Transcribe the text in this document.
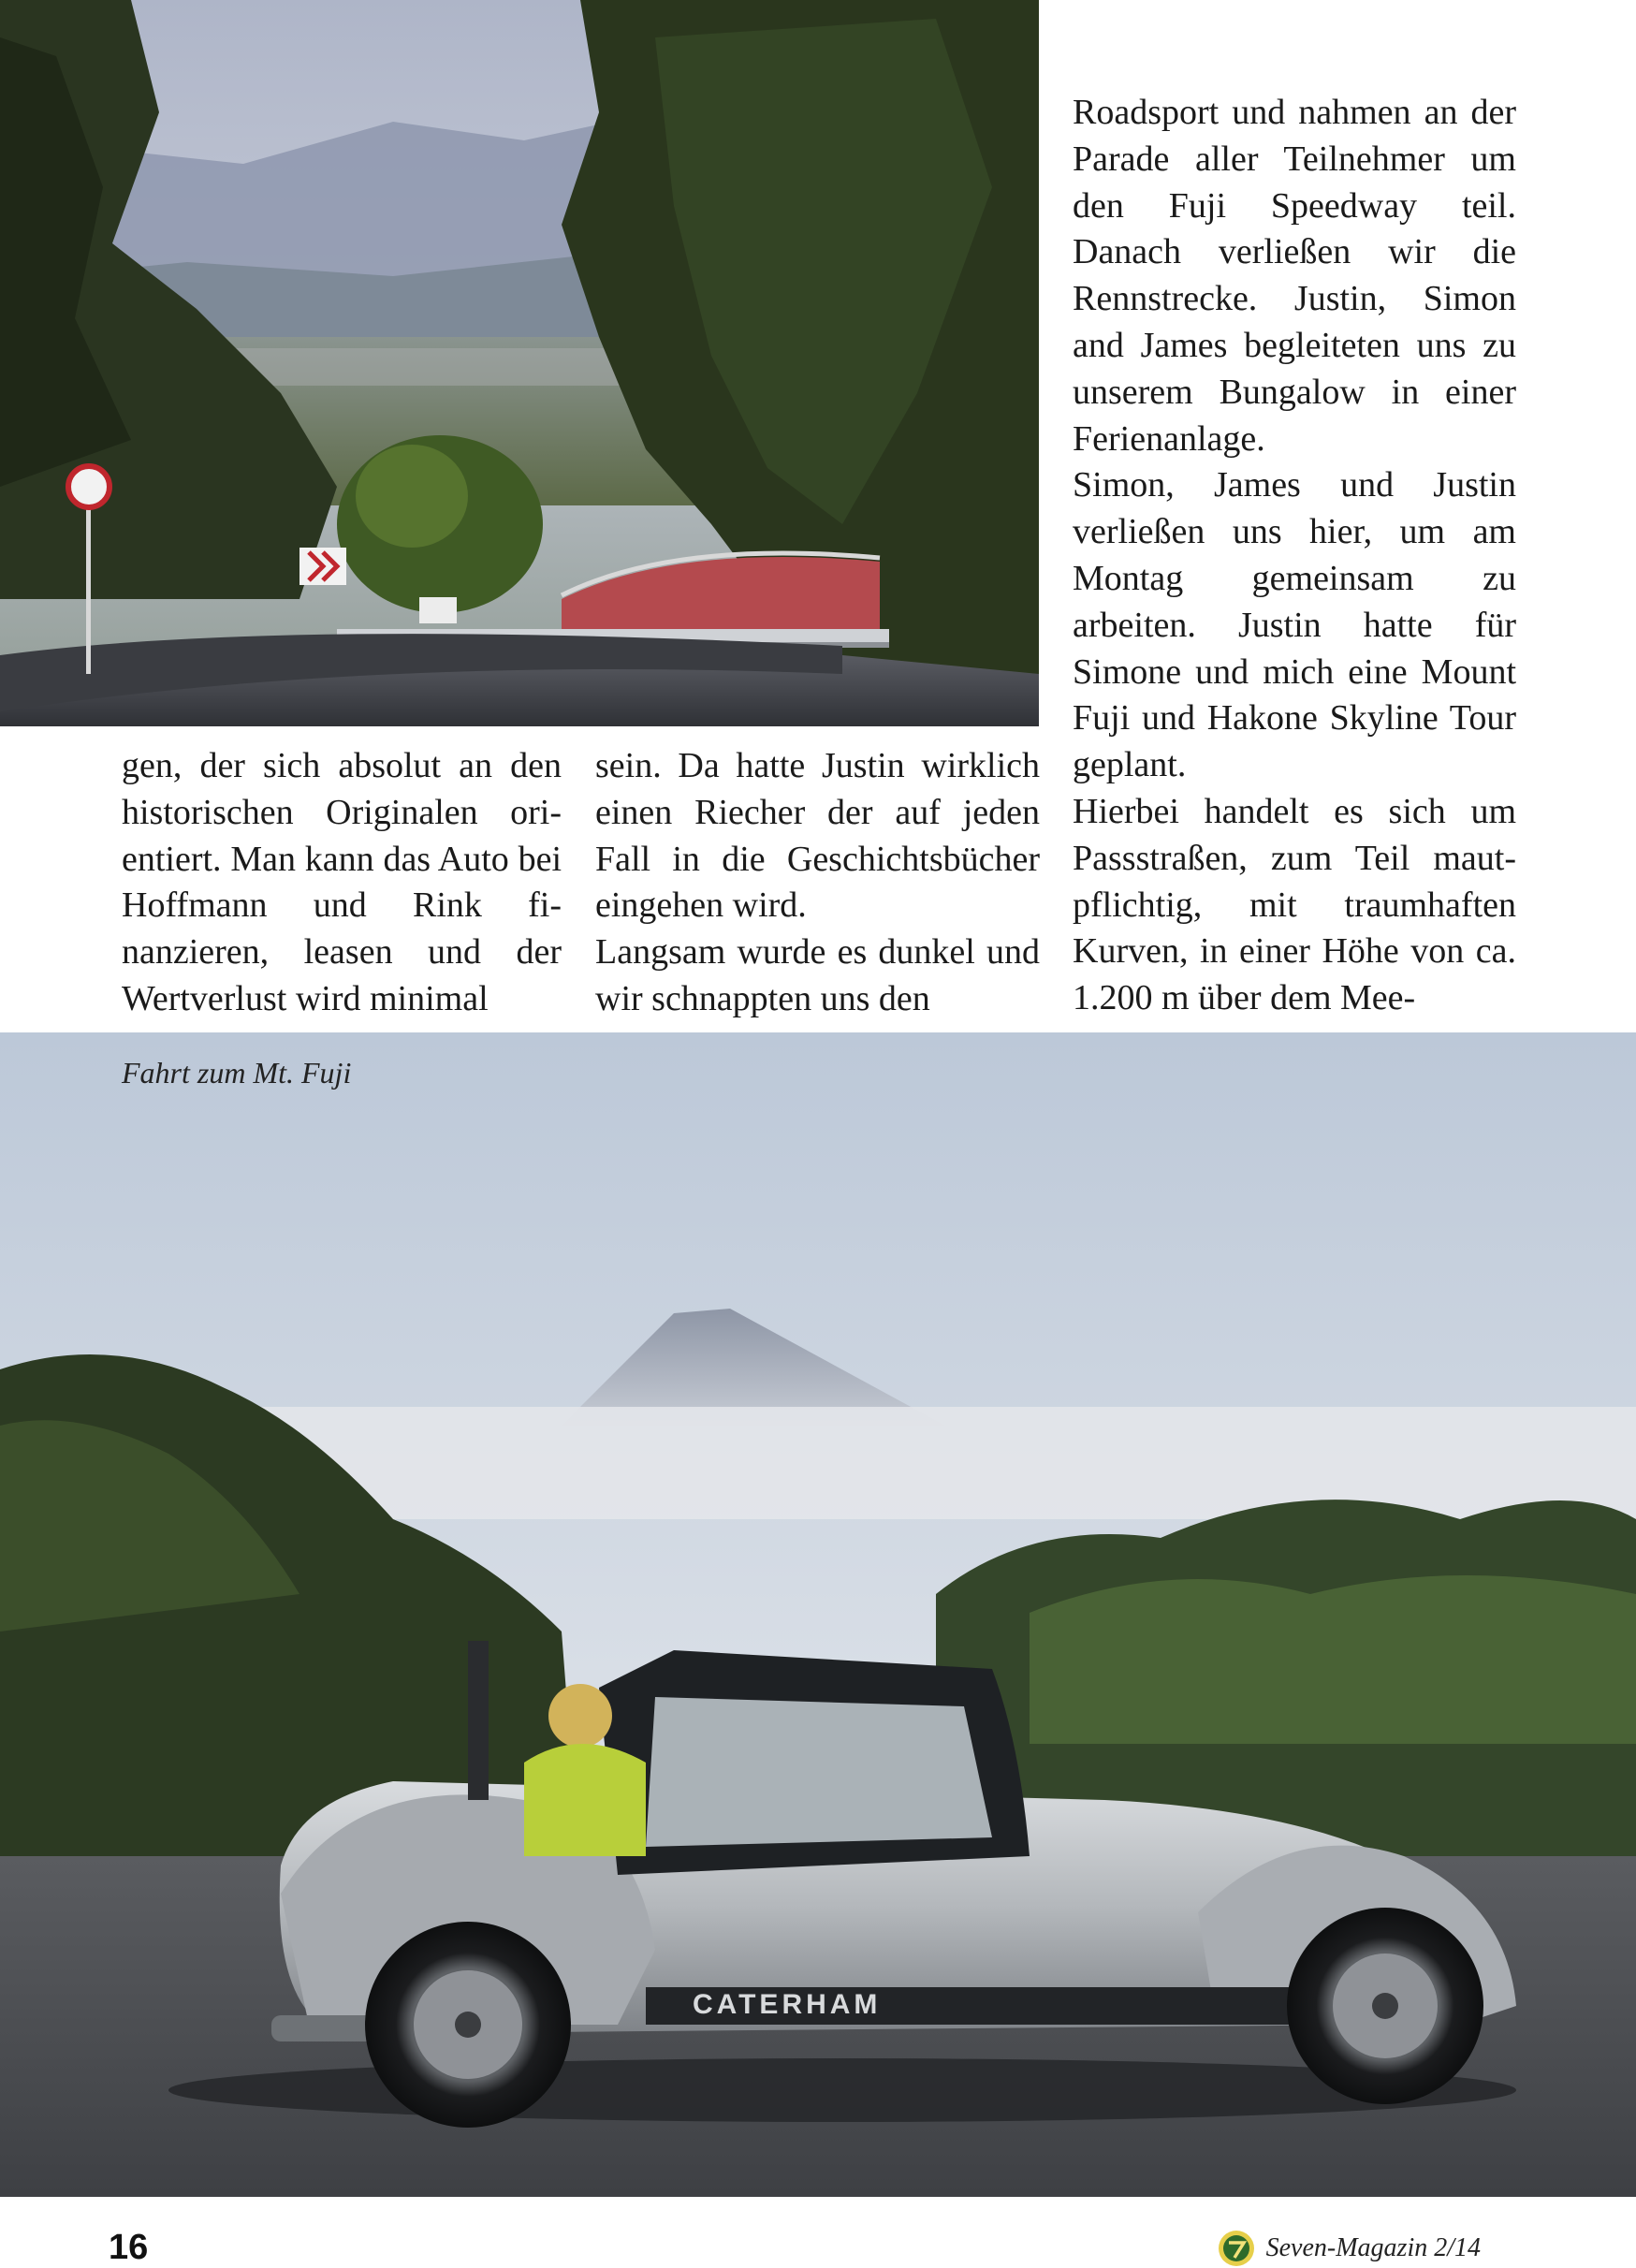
Roadsport und nahmen an der Parade aller Teilnehmer um den Fuji Speedway teil. Danach verließen wir die Rennstrecke. Justin, Simon and James begleiteten uns zu unserem Bungalow in einer Ferienanlage.

Simon, James und Justin verließen uns hier, um am Montag gemeinsam zu arbeiten. Justin hatte für Simone und mich eine Mount Fuji und Hakone Skyline Tour geplant.

Hierbei handelt es sich um Passstraßen, zum Teil mautpflichtig, mit traumhaften Kurven, in einer Höhe von ca. 1.200 m über dem Mee-

gen, der sich absolut an den historischen Originalen orientiert. Man kann das Auto bei Hoffmann und Rink finanzieren, leasen und der Wertverlust wird minimal

sein. Da hatte Justin wirklich einen Riecher der auf jeden Fall in die Geschichtsbücher eingehen wird.

Langsam wurde es dunkel und wir schnappten uns den

CATERHAM
Fahrt zum Mt. Fuji
16	Seven-Magazin 2/14
